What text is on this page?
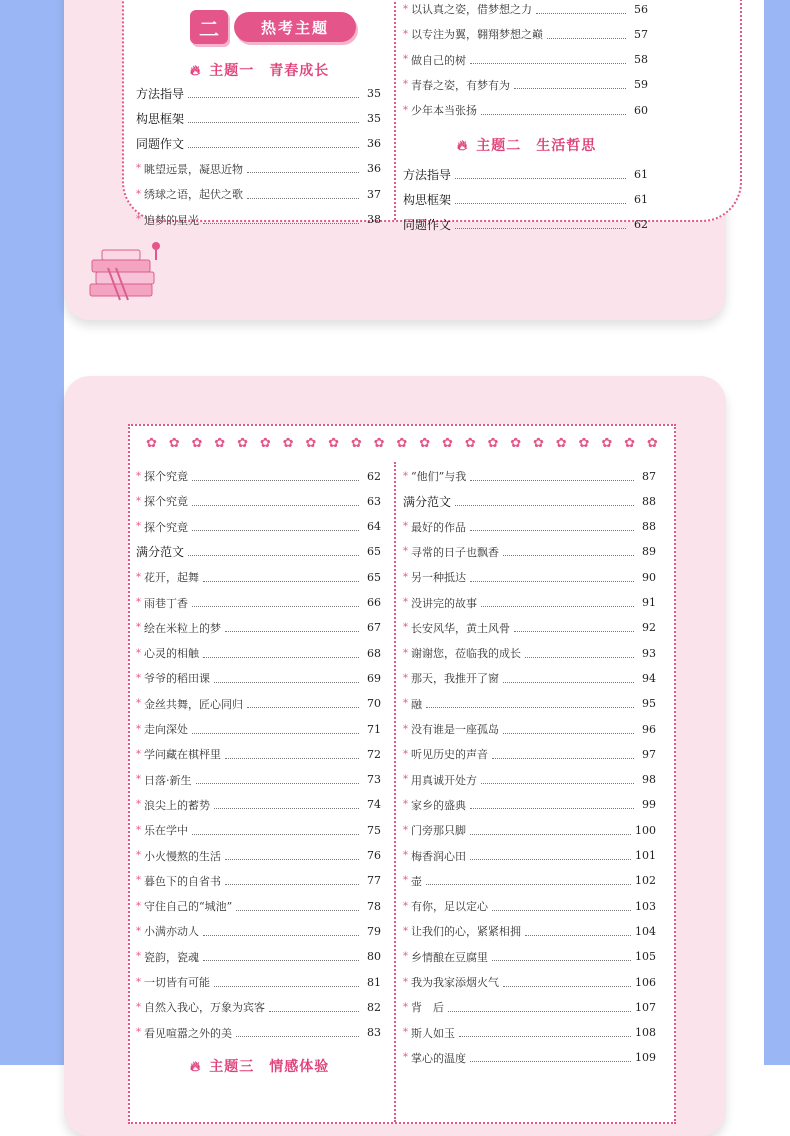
二	热考主题
🔥︎ 主题一　青春成长
方法指导	35
构思框架	35
同题作文	36
* 眺望远景，凝思近物	36
* 绣球之语，起伏之歌	37
* 追梦的星光	38
* 以认真之姿，借梦想之力	56
* 以专注为翼，翱翔梦想之巅	57
* 做自己的树	58
* 青春之姿，有梦有为	59
* 少年本当张扬	60
🔥︎ 主题二　生活哲思
方法指导	61
构思框架	61
同题作文	62
✿ ✿ ✿ ✿ ✿ ✿ ✿ ✿ ✿ ✿ ✿ ✿ ✿ ✿ ✿ ✿ ✿ ✿ ✿ ✿ ✿ ✿ ✿
* 探个究竟	62
* 探个究竟	63
* 探个究竟	64
满分范文	65
* 花开，起舞	65
* 雨巷丁香	66
* 绘在米粒上的梦	67
* 心灵的相触	68
* 爷爷的稻田课	69
* 金丝共舞，匠心同归	70
* 走向深处	71
* 学问藏在棋枰里	72
* 日落·新生	73
* 浪尖上的蓄势	74
* 乐在学中	75
* 小火慢熬的生活	76
* 暮色下的自省书	77
* 守住自己的“城池”	78
* 小满亦动人	79
* 瓷韵，瓷魂	80
* 一切皆有可能	81
* 自然入我心，万象为宾客	82
* 看见喧嚣之外的美	83
* “他们”与我	87
满分范文	88
* 最好的作品	88
* 寻常的日子也飘香	89
* 另一种抵达	90
* 没讲完的故事	91
* 长安风华，黄土风骨	92
* 谢谢您，莅临我的成长	93
* 那天，我推开了窗	94
* 融	95
* 没有谁是一座孤岛	96
* 听见历史的声音	97
* 用真诚开处方	98
* 家乡的盛典	99
* 门旁那只脚	100
* 梅香润心田	101
* 壶	102
* 有你，足以定心	103
* 让我们的心，紧紧相拥	104
* 乡情酿在豆腐里	105
* 我为我家添烟火气	106
* 背　后	107
* 斯人如玉	108
* 掌心的温度	109
🔥︎ 主题三　情感体验
